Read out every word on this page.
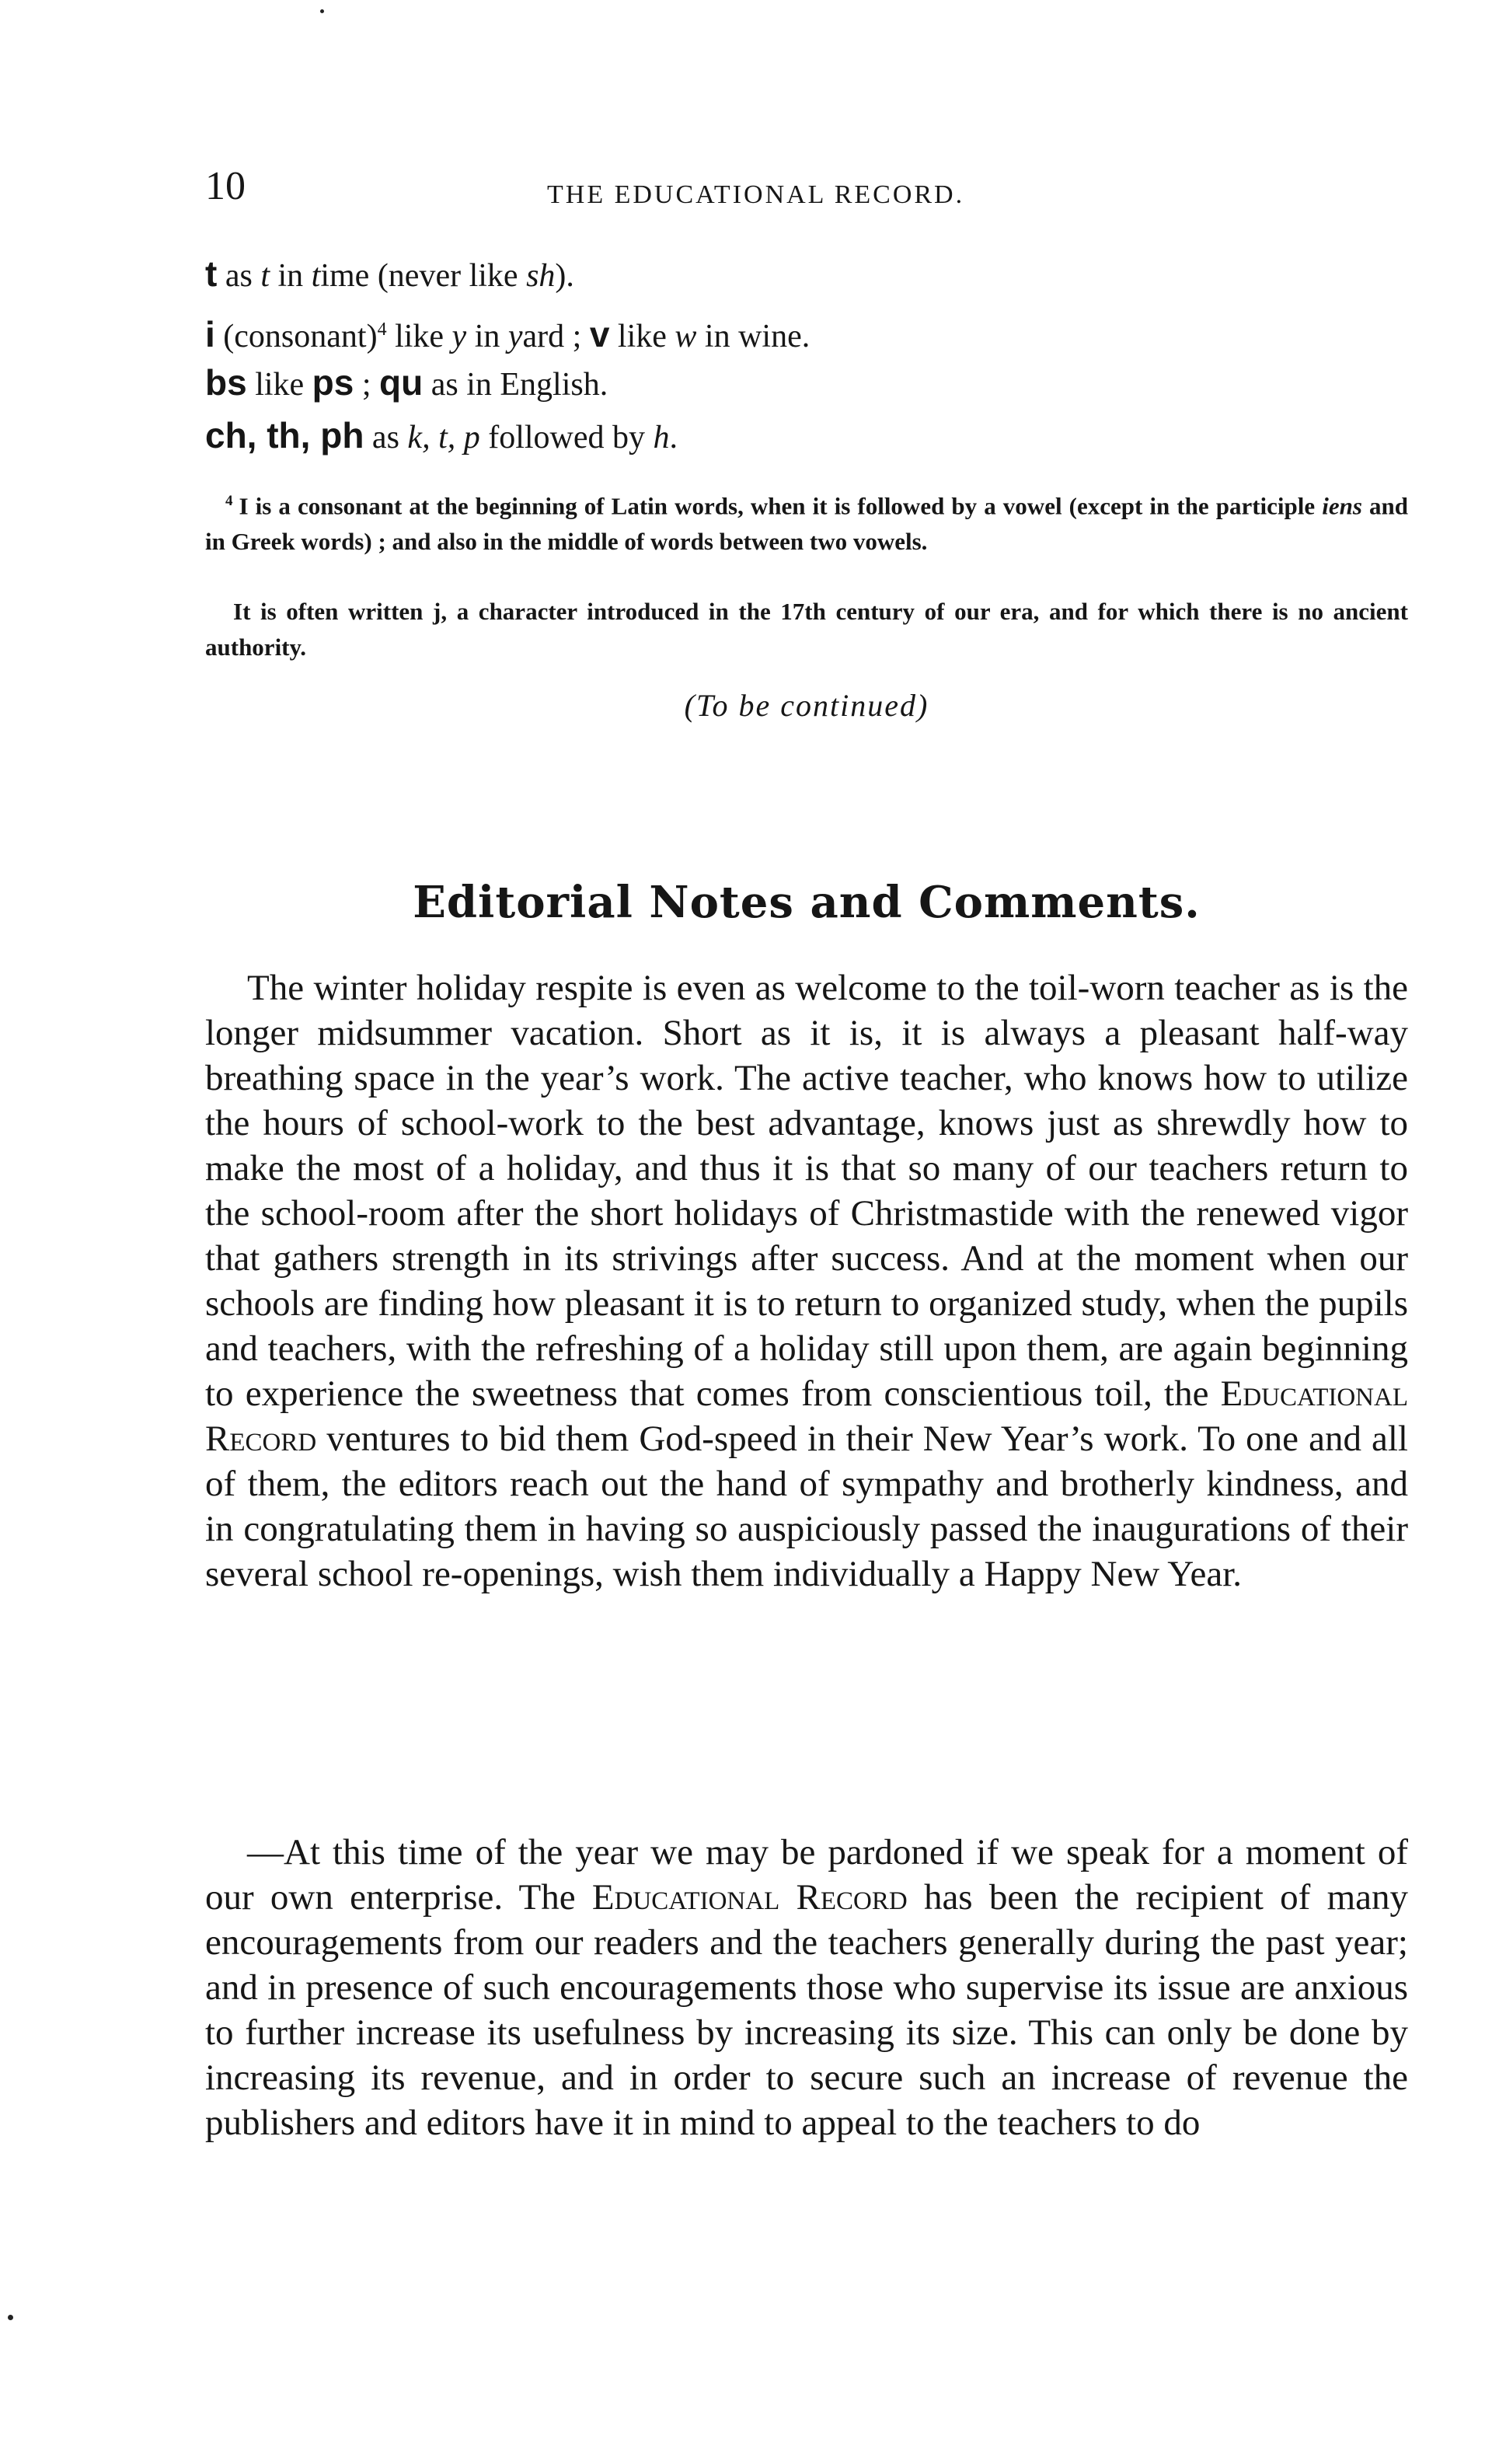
10	THE EDUCATIONAL RECORD.
t as t in time (never like sh).
i (consonant)$^4$ like y in yard ; v like w in wine.
bs like ps ; qu as in English.
ch, th, ph as k, t, p followed by h.
$^4$ I is a consonant at the beginning of Latin words, when it is followed by a vowel (except in the participle iens and in Greek words) ; and also in the middle of words between two vowels.
It is often written j, a character introduced in the 17th century of our era, and for which there is no ancient authority.
(To be continued)
Editorial Notes and Comments.
The winter holiday respite is even as welcome to the toil-worn teacher as is the longer midsummer vacation. Short as it is, it is always a pleasant half-way breathing space in the year’s work. The active teacher, who knows how to utilize the hours of school-work to the best advantage, knows just as shrewdly how to make the most of a holiday, and thus it is that so many of our teachers return to the school-room after the short holidays of Christmastide with the renewed vigor that gathers strength in its strivings after success. And at the moment when our schools are finding how pleasant it is to return to organized study, when the pupils and teachers, with the refreshing of a holiday still upon them, are again beginning to experience the sweetness that comes from conscientious toil, the Educational Record ventures to bid them God-speed in their New Year’s work. To one and all of them, the editors reach out the hand of sympathy and brotherly kindness, and in congratulating them in having so auspiciously passed the inaugurations of their several school re-openings, wish them individually a Happy New Year.
—At this time of the year we may be pardoned if we speak for a moment of our own enterprise. The Educational Record has been the recipient of many encouragements from our readers and the teachers generally during the past year; and in presence of such encouragements those who supervise its issue are anxious to further increase its usefulness by increasing its size. This can only be done by increasing its revenue, and in order to secure such an increase of revenue the publishers and editors have it in mind to appeal to the teachers to do
